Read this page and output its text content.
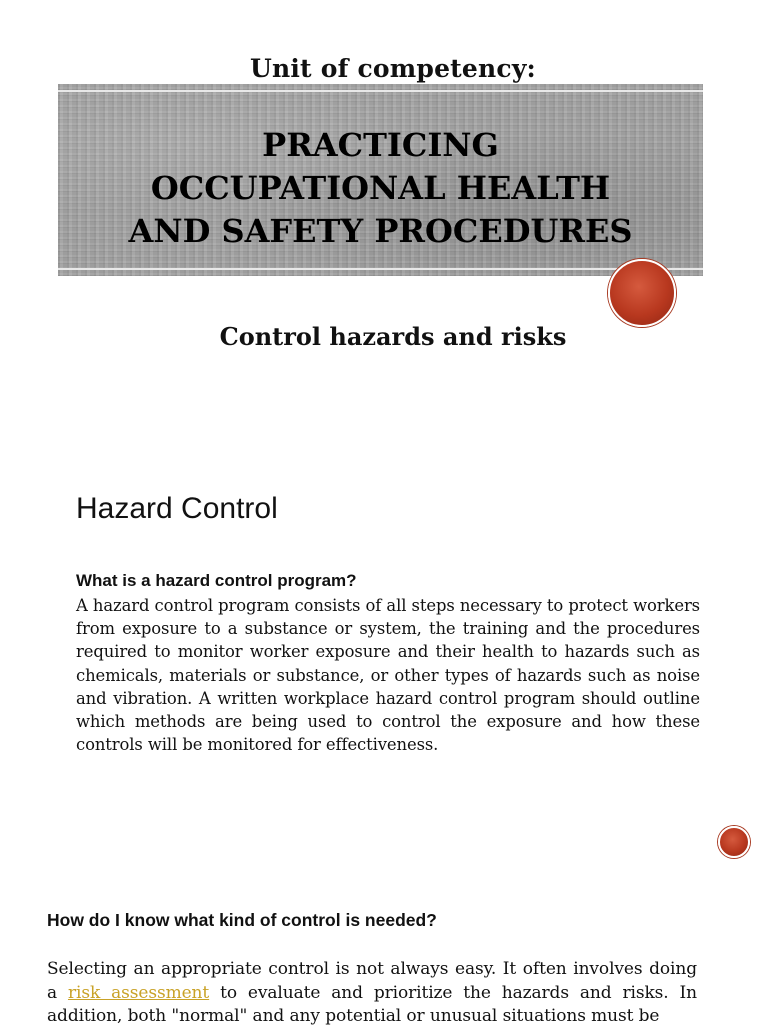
Unit of competency:
PRACTICING
OCCUPATIONAL HEALTH
AND SAFETY PROCEDURES
Control hazards and risks
Hazard Control
What is a hazard control program?
A hazard control program consists of all steps necessary to protect workers from exposure to a substance or system, the training and the procedures required to monitor worker exposure and their health to hazards such as chemicals, materials or substance, or other types of hazards such as noise and vibration. A written workplace hazard control program should outline which methods are being used to control the exposure and how these controls will be monitored for effectiveness.
How do I know what kind of control is needed?
Selecting an appropriate control is not always easy. It often involves doing a risk assessment to evaluate and prioritize the hazards and risks. In addition, both "normal" and any potential or unusual situations must be
